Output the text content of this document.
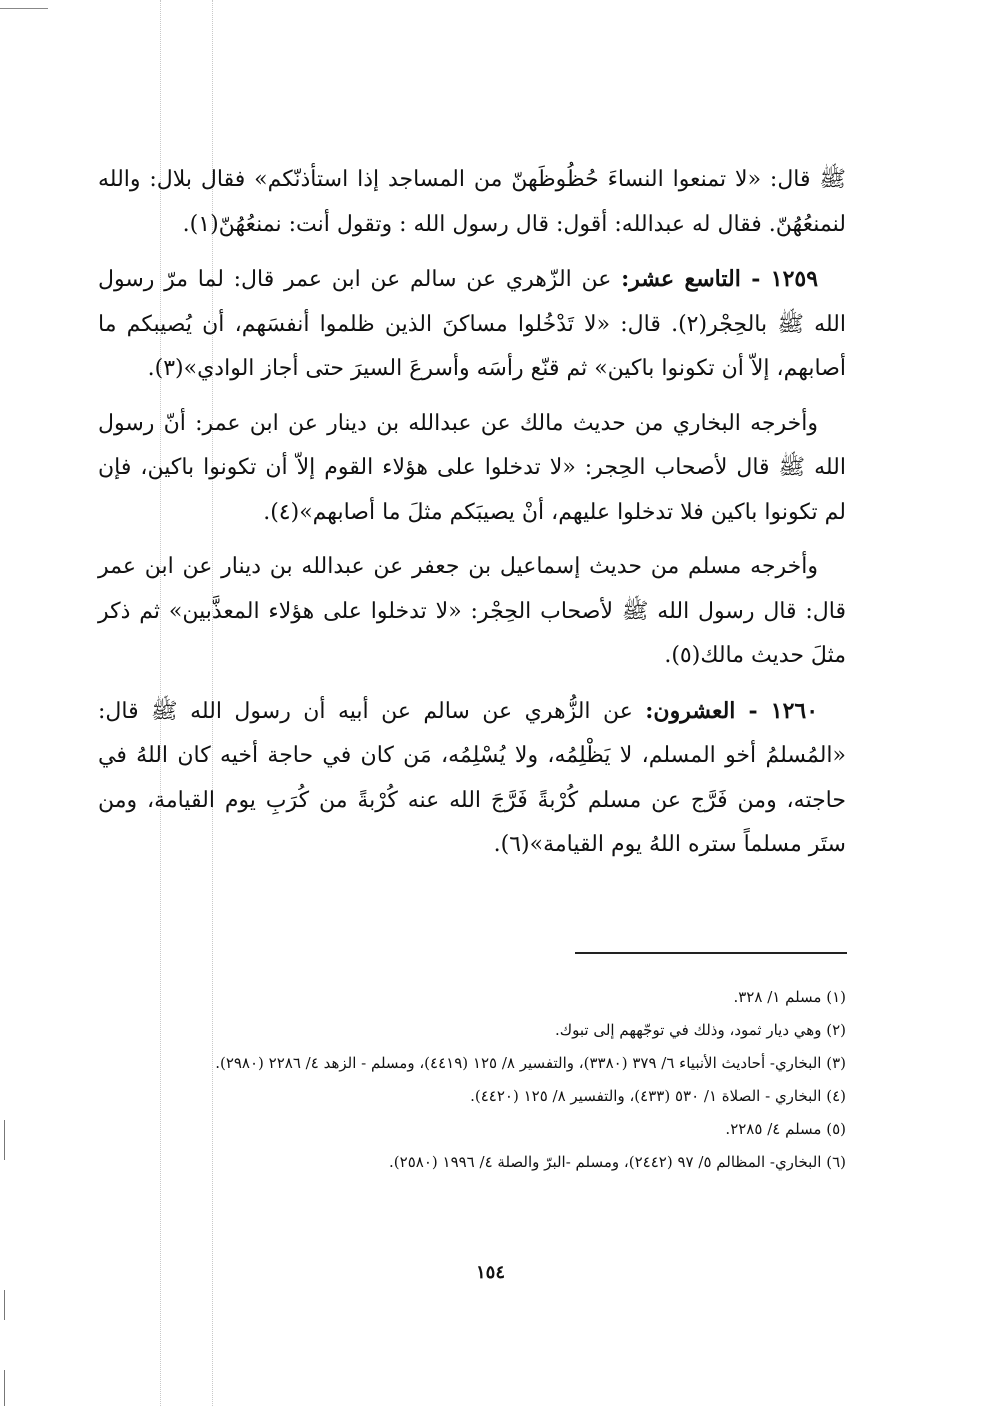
ﷺ قال: «لا تمنعوا النساءَ حُظُوظَهنّ من المساجد إذا استأذنّكم» فقال بلال: والله لنمنعُهُنّ. فقال له عبدالله: أقول: قال رسول الله : وتقول أنت: نمنعُهُنّ(١).

١٢٥٩ - التاسع عشر: عن الزّهري عن سالم عن ابن عمر قال: لما مرّ رسول الله ﷺ بالحِجْر(٢). قال: «لا تَدْخُلوا مساكنَ الذين ظلموا أنفسَهم، أن يُصيبكم ما أصابهم، إلاّ أن تكونوا باكين» ثم قنّع رأسَه وأسرعَ السيرَ حتى أجاز الوادي»(٣).

وأخرجه البخاري من حديث مالك عن عبدالله بن دينار عن ابن عمر: أنّ رسول الله ﷺ قال لأصحاب الحِجر: «لا تدخلوا على هؤلاء القوم إلاّ أن تكونوا باكين، فإن لم تكونوا باكين فلا تدخلوا عليهم، أنْ يصيبَكم مثلَ ما أصابهم»(٤).

وأخرجه مسلم من حديث إسماعيل بن جعفر عن عبدالله بن دينار عن ابن عمر قال: قال رسول الله ﷺ لأصحاب الحِجْر: «لا تدخلوا على هؤلاء المعذَّبين» ثم ذكر مثلَ حديث مالك(٥).

١٢٦٠ - العشرون: عن الزُّهري عن سالم عن أبيه أن رسول الله ﷺ قال: «المُسلمُ أخو المسلم، لا يَظْلِمُه، ولا يُسْلِمُه، مَن كان في حاجة أخيه كان اللهُ في حاجته، ومن فَرَّج عن مسلم كُرْبةً فَرَّجَ الله عنه كُرْبةً من كُرَبِ يوم القيامة، ومن ستَر مسلماً ستره اللهُ يوم القيامة»(٦).

(١) مسلم ١/ ٣٢٨.

(٢) وهي ديار ثمود، وذلك في توجّههم إلى تبوك.

(٣) البخاري- أحاديث الأنبياء ٦/ ٣٧٩ (٣٣٨٠)، والتفسير ٨/ ١٢٥ (٤٤١٩)، ومسلم - الزهد ٤/ ٢٢٨٦ (٢٩٨٠).

(٤) البخاري - الصلاة ١/ ٥٣٠ (٤٣٣)، والتفسير ٨/ ١٢٥ (٤٤٢٠).

(٥) مسلم ٤/ ٢٢٨٥.

(٦) البخاري- المظالم ٥/ ٩٧ (٢٤٤٢)، ومسلم -البرّ والصلة ٤/ ١٩٩٦ (٢٥٨٠).

١٥٤
